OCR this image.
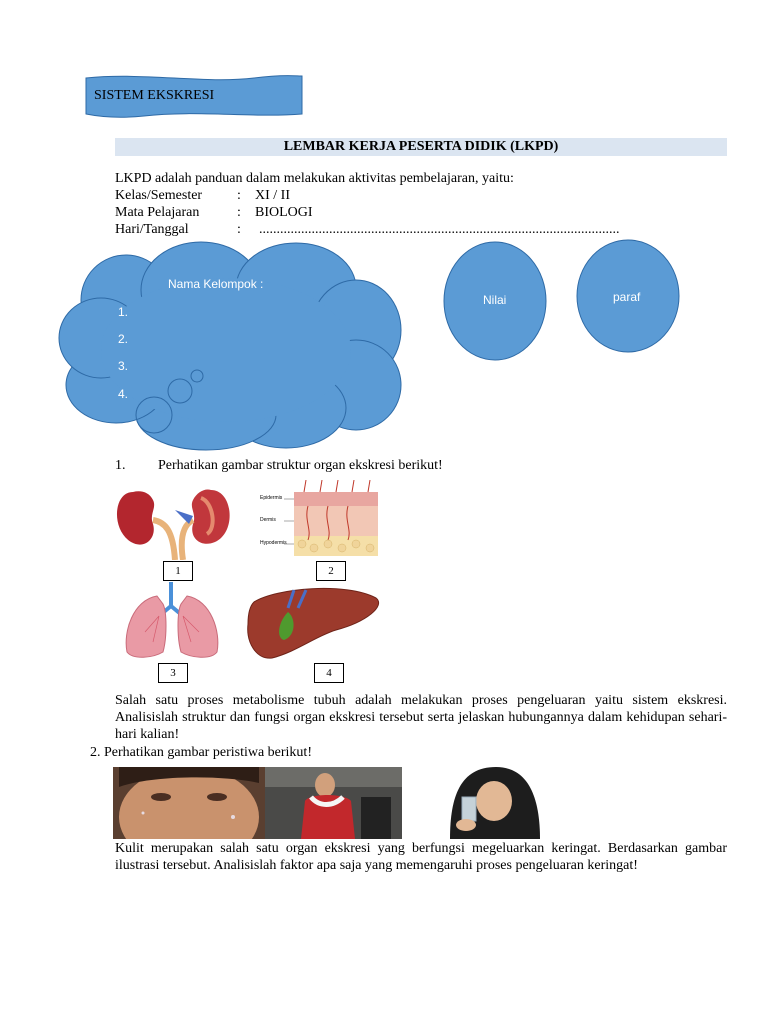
SISTEM EKSKRESI
LEMBAR KERJA PESERTA DIDIK (LKPD)
LKPD adalah panduan dalam melakukan aktivitas pembelajaran, yaitu:
Kelas/Semester	: XI / II
Mata Pelajaran	: BIOLOGI
Hari/Tanggal	: .......................................................................................................
Nama Kelompok :
1.
2.
3.
4.
Nilai	paraf
1. Perhatikan gambar struktur organ ekskresi berikut!
1
Epidermis
Dermis
Hypodermis
2
3	4
Salah satu proses metabolisme tubuh adalah melakukan proses pengeluaran yaitu sistem ekskresi. Analisislah struktur dan fungsi organ ekskresi tersebut serta jelaskan hubungannya dalam kehidupan sehari-hari kalian!
2. Perhatikan gambar peristiwa berikut!
Kulit merupakan salah satu organ ekskresi yang berfungsi megeluarkan keringat. Berdasarkan gambar ilustrasi tersebut. Analisislah faktor apa saja yang memengaruhi proses pengeluaran keringat!
